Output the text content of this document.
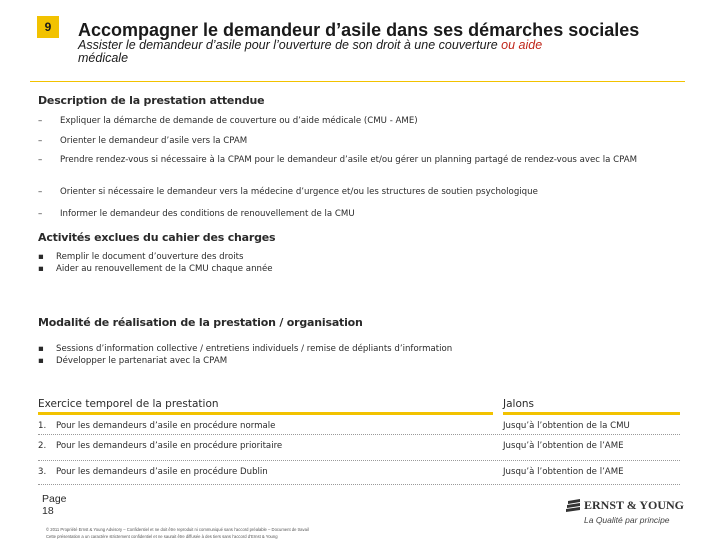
9	Accompagner le demandeur d’asile dans ses démarches sociales
Assister le demandeur d’asile pour l’ouverture de son droit à une couverture ou aide
médicale
Description de la prestation attendue
–	Expliquer la démarche de demande de couverture ou d’aide médicale (CMU - AME)
–	Orienter le demandeur d’asile vers la CPAM
–	Prendre rendez-vous si nécessaire à la CPAM pour le demandeur d’asile et/ou gérer un planning partagé de rendez-vous avec la CPAM
–	Orienter si nécessaire le demandeur vers la médecine d’urgence et/ou les structures de soutien psychologique
–	Informer le demandeur des conditions de renouvellement de la CMU
Activités exclues du cahier des charges
▪	Remplir le document d’ouverture des droits
▪	Aider au renouvellement de la CMU chaque année
Modalité de réalisation de la prestation / organisation
▪	Sessions d’information collective / entretiens individuels / remise de dépliants d’information
▪	Développer le partenariat avec la CPAM
Exercice temporel de la prestation	Jalons
1. Pour les demandeurs d’asile en procédure normale	Jusqu’à l’obtention de la CMU
2. Pour les demandeurs d’asile en procédure prioritaire	Jusqu’à l’obtention de l’AME
3. Pour les demandeurs d’asile en procédure Dublin	Jusqu’à l’obtention de l’AME
Page
18
© 2011 Propriété Ernst & Young Advisory – Confidentiel et ne doit être reproduit ni communiqué sans l’accord préalable – Document de travail
Cette présentation a un caractère strictement confidentiel et ne saurait être diffusée à des tiers sans l’accord d’Ernst & Young
ERNST & YOUNG
La Qualité par principe
